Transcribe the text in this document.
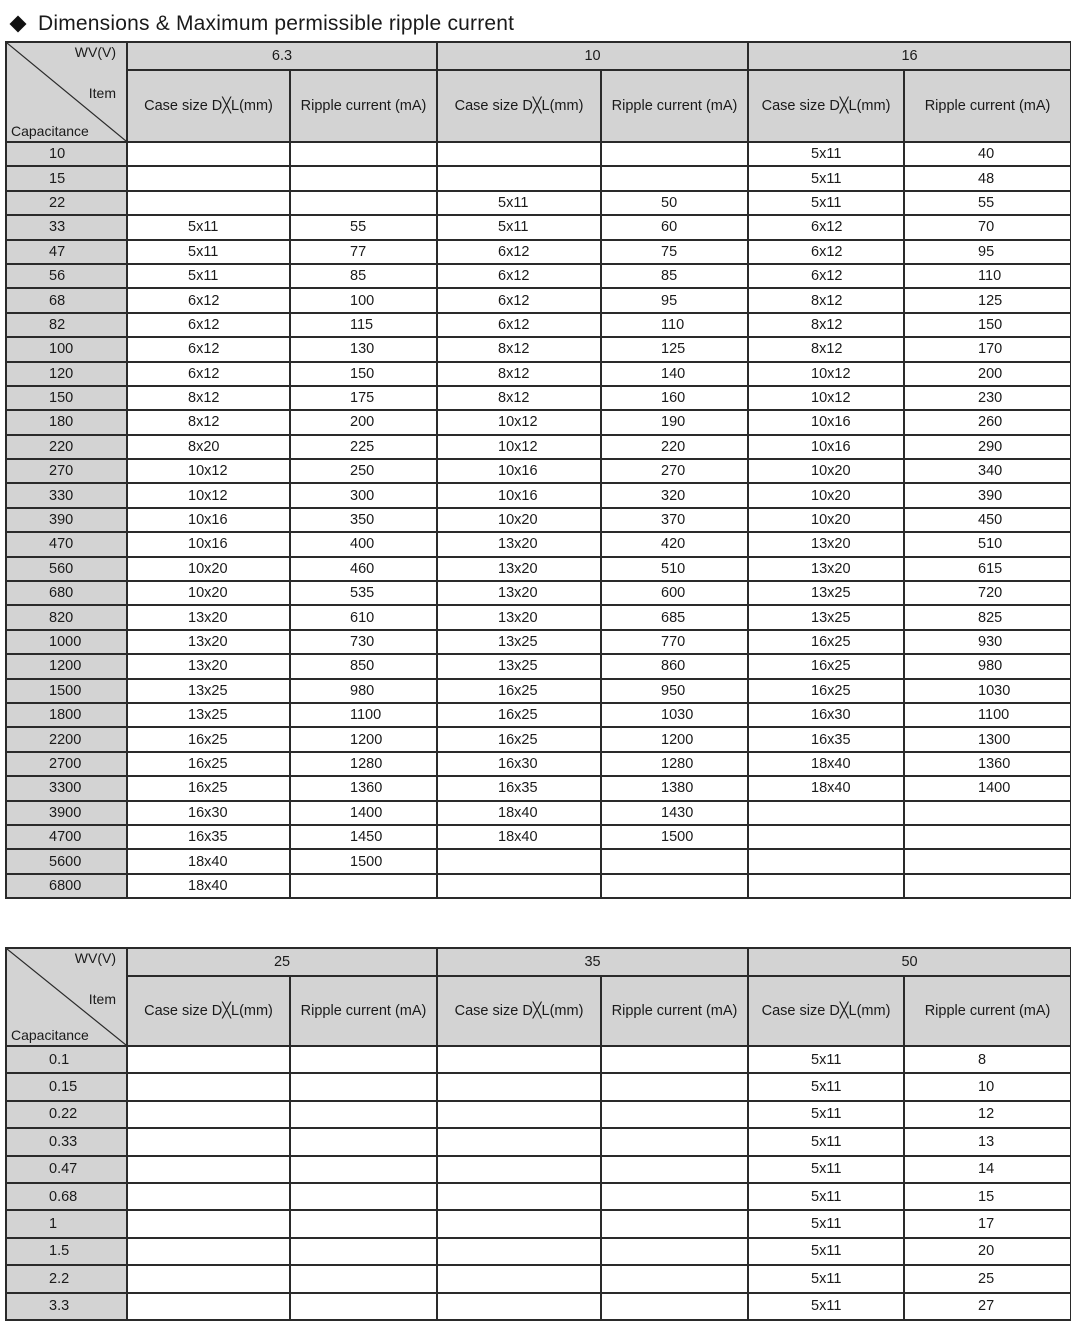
Dimensions & Maximum permissible ripple current
WV(V)
Item
Capacitance	6.3		10		16	
	Case size D╳L(mm)	Ripple current (mA)	Case size D╳L(mm)	Ripple current (mA)	Case size D╳L(mm)	Ripple current (mA)
10					5x11	40
15					5x11	48
22			5x11	50	5x11	55
33	5x11	55	5x11	60	6x12	70
47	5x11	77	6x12	75	6x12	95
56	5x11	85	6x12	85	6x12	110
68	6x12	100	6x12	95	8x12	125
82	6x12	115	6x12	110	8x12	150
100	6x12	130	8x12	125	8x12	170
120	6x12	150	8x12	140	10x12	200
150	8x12	175	8x12	160	10x12	230
180	8x12	200	10x12	190	10x16	260
220	8x20	225	10x12	220	10x16	290
270	10x12	250	10x16	270	10x20	340
330	10x12	300	10x16	320	10x20	390
390	10x16	350	10x20	370	10x20	450
470	10x16	400	13x20	420	13x20	510
560	10x20	460	13x20	510	13x20	615
680	10x20	535	13x20	600	13x25	720
820	13x20	610	13x20	685	13x25	825
1000	13x20	730	13x25	770	16x25	930
1200	13x20	850	13x25	860	16x25	980
1500	13x25	980	16x25	950	16x25	1030
1800	13x25	1100	16x25	1030	16x30	1100
2200	16x25	1200	16x25	1200	16x35	1300
2700	16x25	1280	16x30	1280	18x40	1360
3300	16x25	1360	16x35	1380	18x40	1400
3900	16x30	1400	18x40	1430		
4700	16x35	1450	18x40	1500		
5600	18x40	1500				
6800	18x40					
WV(V)
Item
Capacitance	25		35		50	
	Case size D╳L(mm)	Ripple current (mA)	Case size D╳L(mm)	Ripple current (mA)	Case size D╳L(mm)	Ripple current (mA)
0.1					5x11	8
0.15					5x11	10
0.22					5x11	12
0.33					5x11	13
0.47					5x11	14
0.68					5x11	15
1					5x11	17
1.5					5x11	20
2.2					5x11	25
3.3					5x11	27
